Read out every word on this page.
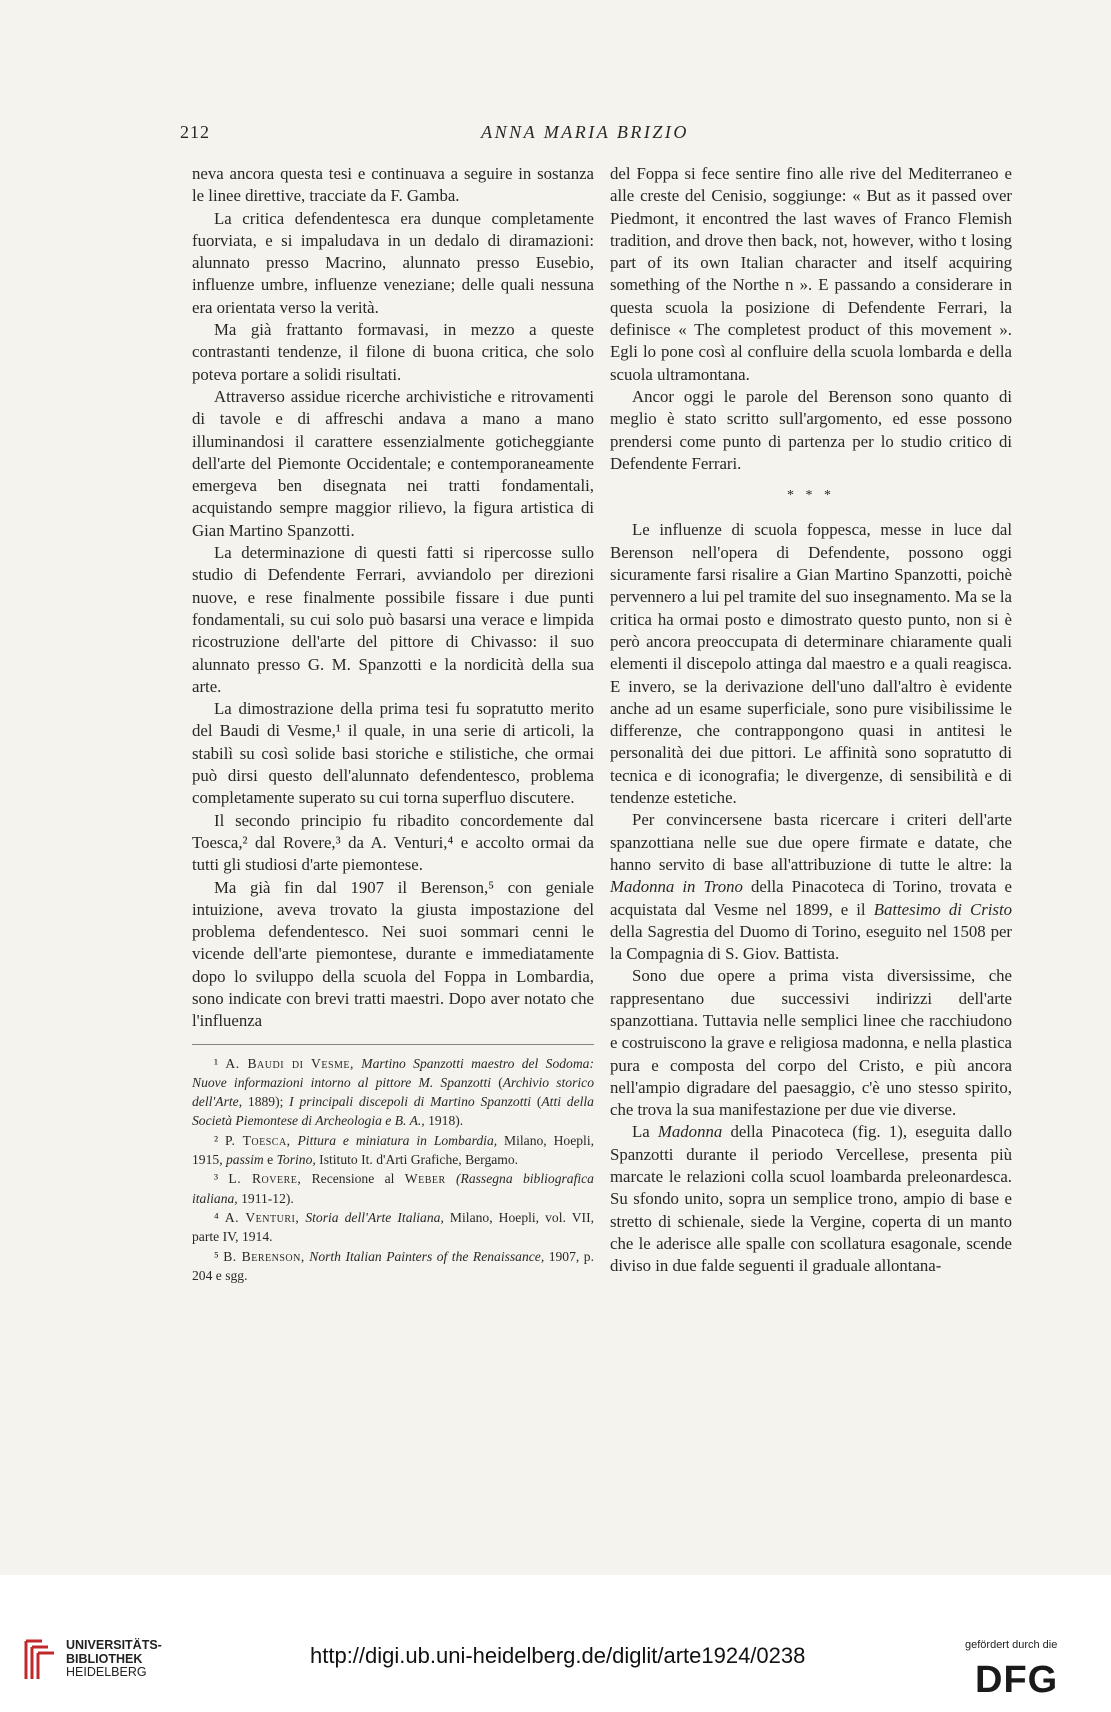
212	ANNA MARIA BRIZIO

neva ancora questa tesi e continuava a seguire in sostanza le linee direttive, tracciate da F. Gamba.

La critica defendentesca era dunque completamente fuorviata, e si impaludava in un dedalo di diramazioni: alunnato presso Macrino, alunnato presso Eusebio, influenze umbre, influenze veneziane; delle quali nessuna era orientata verso la verità.

Ma già frattanto formavasi, in mezzo a queste contrastanti tendenze, il filone di buona critica, che solo poteva portare a solidi risultati.

Attraverso assidue ricerche archivistiche e ritrovamenti di tavole e di affreschi andava a mano a mano illuminandosi il carattere essenzialmente goticheggiante dell'arte del Piemonte Occidentale; e contemporaneamente emergeva ben disegnata nei tratti fondamentali, acquistando sempre maggior rilievo, la figura artistica di Gian Martino Spanzotti.

La determinazione di questi fatti si ripercosse sullo studio di Defendente Ferrari, avviandolo per direzioni nuove, e rese finalmente possibile fissare i due punti fondamentali, su cui solo può basarsi una verace e limpida ricostruzione dell'arte del pittore di Chivasso: il suo alunnato presso G. M. Spanzotti e la nordicità della sua arte.

La dimostrazione della prima tesi fu sopratutto merito del Baudi di Vesme,¹ il quale, in una serie di articoli, la stabilì su così solide basi storiche e stilistiche, che ormai può dirsi questo dell'alunnato defendentesco, problema completamente superato su cui torna superfluo discutere.

Il secondo principio fu ribadito concordemente dal Toesca,² dal Rovere,³ da A. Venturi,⁴ e accolto ormai da tutti gli studiosi d'arte piemontese.

Ma già fin dal 1907 il Berenson,⁵ con geniale intuizione, aveva trovato la giusta impostazione del problema defendentesco. Nei suoi sommari cenni le vicende dell'arte piemontese, durante e immediatamente dopo lo sviluppo della scuola del Foppa in Lombardia, sono indicate con brevi tratti maestri. Dopo aver notato che l'influenza

¹ A. Baudi di Vesme, Martino Spanzotti maestro del Sodoma: Nuove informazioni intorno al pittore M. Spanzotti (Archivio storico dell'Arte, 1889); I principali discepoli di Martino Spanzotti (Atti della Società Piemontese di Archeologia e B. A., 1918).

² P. Toesca, Pittura e miniatura in Lombardia, Milano, Hoepli, 1915, passim e Torino, Istituto It. d'Arti Grafiche, Bergamo.

³ L. Rovere, Recensione al Weber (Rassegna bibliografica italiana, 1911-12).

⁴ A. Venturi, Storia dell'Arte Italiana, Milano, Hoepli, vol. VII, parte IV, 1914.

⁵ B. Berenson, North Italian Painters of the Renaissance, 1907, p. 204 e sgg.

del Foppa si fece sentire fino alle rive del Mediterraneo e alle creste del Cenisio, soggiunge: « But as it passed over Piedmont, it encontred the last waves of Franco Flemish tradition, and drove then back, not, however, witho t losing part of its own Italian character and itself acquiring something of the Northe n ». E passando a considerare in questa scuola la posizione di Defendente Ferrari, la definisce « The completest product of this movement ». Egli lo pone così al confluire della scuola lombarda e della scuola ultramontana.

Ancor oggi le parole del Berenson sono quanto di meglio è stato scritto sull'argomento, ed esse possono prendersi come punto di partenza per lo studio critico di Defendente Ferrari.

* * *

Le influenze di scuola foppesca, messe in luce dal Berenson nell'opera di Defendente, possono oggi sicuramente farsi risalire a Gian Martino Spanzotti, poichè pervennero a lui pel tramite del suo insegnamento. Ma se la critica ha ormai posto e dimostrato questo punto, non si è però ancora preoccupata di determinare chiaramente quali elementi il discepolo attinga dal maestro e a quali reagisca. E invero, se la derivazione dell'uno dall'altro è evidente anche ad un esame superficiale, sono pure visibilissime le differenze, che contrappongono quasi in antitesi le personalità dei due pittori. Le affinità sono sopratutto di tecnica e di iconografia; le divergenze, di sensibilità e di tendenze estetiche.

Per convincersene basta ricercare i criteri dell'arte spanzottiana nelle sue due opere firmate e datate, che hanno servito di base all'attribuzione di tutte le altre: la Madonna in Trono della Pinacoteca di Torino, trovata e acquistata dal Vesme nel 1899, e il Battesimo di Cristo della Sagrestia del Duomo di Torino, eseguito nel 1508 per la Compagnia di S. Giov. Battista.

Sono due opere a prima vista diversissime, che rappresentano due successivi indirizzi dell'arte spanzottiana. Tuttavia nelle semplici linee che racchiudono e costruiscono la grave e religiosa madonna, e nella plastica pura e composta del corpo del Cristo, e più ancora nell'ampio digradare del paesaggio, c'è uno stesso spirito, che trova la sua manifestazione per due vie diverse.

La Madonna della Pinacoteca (fig. 1), eseguita dallo Spanzotti durante il periodo Vercellese, presenta più marcate le relazioni colla scuol loambarda preleonardesca. Su sfondo unito, sopra un semplice trono, ampio di base e stretto di schienale, siede la Vergine, coperta di un manto che le aderisce alle spalle con scollatura esagonale, scende diviso in due falde seguenti il graduale allontana-

UNIVERSITÄTS-
BIBLIOTHEK
HEIDELBERG
http://digi.ub.uni-heidelberg.de/diglit/arte1924/0238	gefördert durch die
DFG
